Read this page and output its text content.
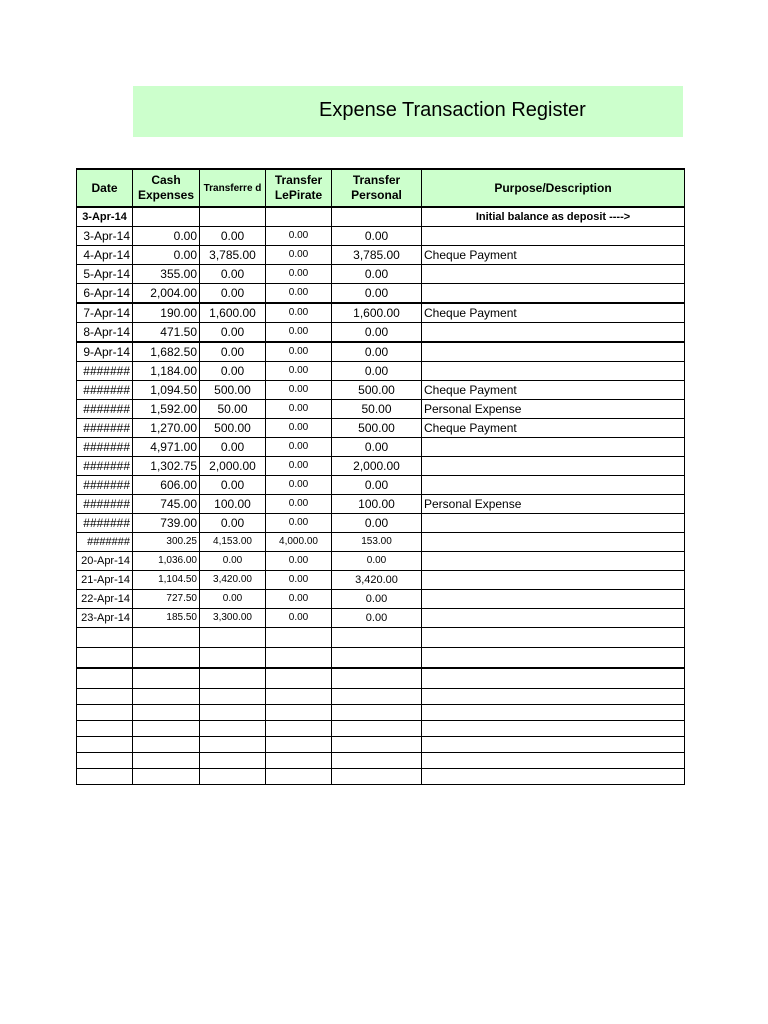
Expense Transaction Register
Date	Cash Expenses	Transferre d	Transfer LePirate	Transfer Personal	Purpose/Description
3-Apr-14					Initial balance as deposit ---->
3-Apr-14	0.00	0.00	0.00	0.00	
4-Apr-14	0.00	3,785.00	0.00	3,785.00	Cheque Payment
5-Apr-14	355.00	0.00	0.00	0.00	
6-Apr-14	2,004.00	0.00	0.00	0.00	
7-Apr-14	190.00	1,600.00	0.00	1,600.00	Cheque Payment
8-Apr-14	471.50	0.00	0.00	0.00	
9-Apr-14	1,682.50	0.00	0.00	0.00	
#######	1,184.00	0.00	0.00	0.00	
#######	1,094.50	500.00	0.00	500.00	Cheque Payment
#######	1,592.00	50.00	0.00	50.00	Personal Expense
#######	1,270.00	500.00	0.00	500.00	Cheque Payment
#######	4,971.00	0.00	0.00	0.00	
#######	1,302.75	2,000.00	0.00	2,000.00	
#######	606.00	0.00	0.00	0.00	
#######	745.00	100.00	0.00	100.00	Personal Expense
#######	739.00	0.00	0.00	0.00	
#######	300.25	4,153.00	4,000.00	153.00	
20-Apr-14	1,036.00	0.00	0.00	0.00	
21-Apr-14	1,104.50	3,420.00	0.00	3,420.00	
22-Apr-14	727.50	0.00	0.00	0.00	
23-Apr-14	185.50	3,300.00	0.00	0.00	
